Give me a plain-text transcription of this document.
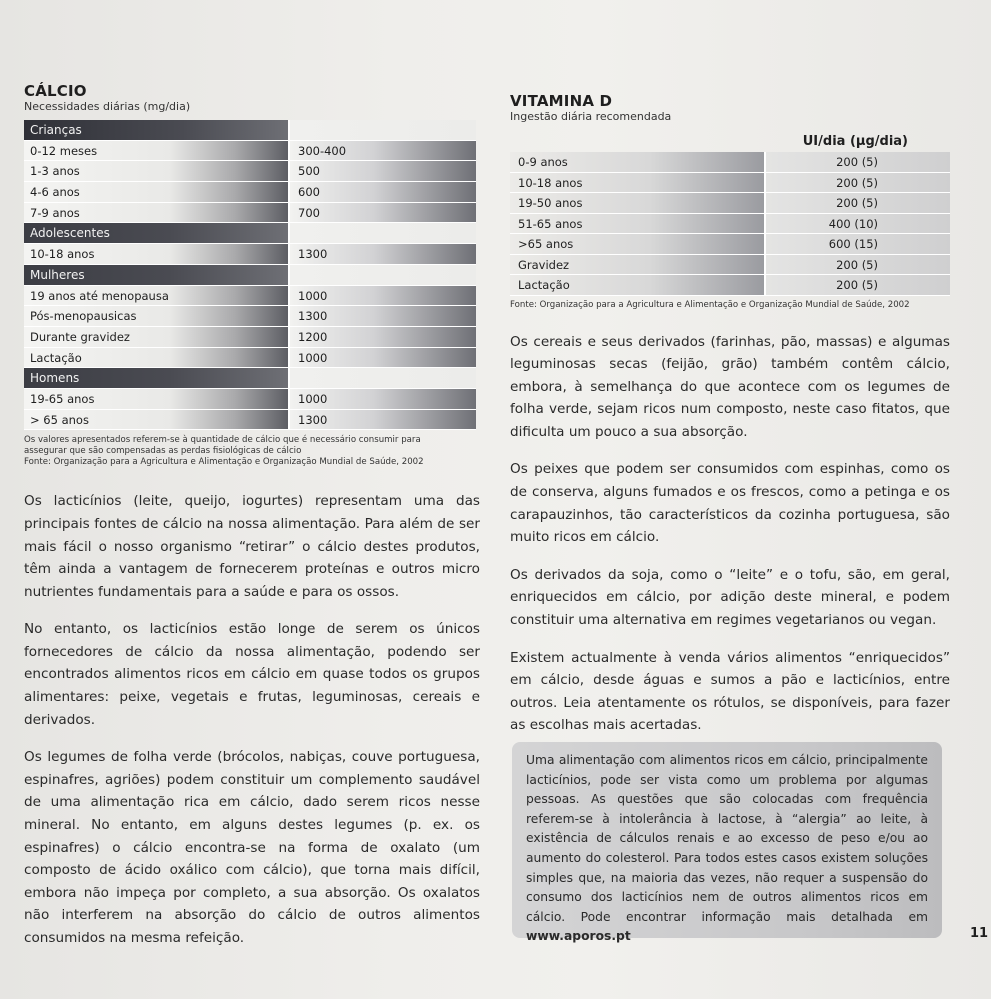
CÁLCIO
Necessidades diárias (mg/dia)
Crianças
0-12 meses	300-400
1-3 anos	500
4-6 anos	600
7-9 anos	700
Adolescentes
10-18 anos	1300
Mulheres
19 anos até menopausa	1000
Pós-menopausicas	1300
Durante gravidez	1200
Lactação	1000
Homens
19-65 anos	1000
> 65 anos	1300
Os valores apresentados referem-se à quantidade de cálcio que é necessário consumir para
assegurar que são compensadas as perdas fisiológicas de cálcio
Fonte: Organização para a Agricultura e Alimentação e Organização Mundial de Saúde, 2002

Os lacticínios (leite, queijo, iogurtes) representam uma das principais fontes de cálcio na nossa alimentação. Para além de ser mais fácil o nosso organismo “retirar” o cálcio destes produtos, têm ainda a vantagem de fornecerem proteínas e outros micro nutrientes fundamentais para a saúde e para os ossos.

No entanto, os lacticínios estão longe de serem os únicos fornecedores de cálcio da nossa alimentação, podendo ser encontrados alimentos ricos em cálcio em quase todos os grupos alimentares: peixe, vegetais e frutas, leguminosas, cereais e derivados.

Os legumes de folha verde (brócolos, nabiças, couve portuguesa, espinafres, agriões) podem constituir um complemento saudável de uma alimentação rica em cálcio, dado serem ricos nesse mineral. No entanto, em alguns destes legumes (p. ex. os espinafres) o cálcio encontra-se na forma de oxalato (um composto de ácido oxálico com cálcio), que torna mais difícil, embora não impeça por completo, a sua absorção. Os oxalatos não interferem na absorção do cálcio de outros alimentos consumidos na mesma refeição.

VITAMINA D
Ingestão diária recomendada
UI/dia (µg/dia)
0-9 anos	200 (5)
10-18 anos	200 (5)
19-50 anos	200 (5)
51-65 anos	400 (10)
>65 anos	600 (15)
Gravidez	200 (5)
Lactação	200 (5)
Fonte: Organização para a Agricultura e Alimentação e Organização Mundial de Saúde, 2002

Os cereais e seus derivados (farinhas, pão, massas) e algumas leguminosas secas (feijão, grão) também contêm cálcio, embora, à semelhança do que acontece com os legumes de folha verde, sejam ricos num composto, neste caso fitatos, que dificulta um pouco a sua absorção.

Os peixes que podem ser consumidos com espinhas, como os de conserva, alguns fumados e os frescos, como a petinga e os carapauzinhos, tão característicos da cozinha portuguesa, são muito ricos em cálcio.

Os derivados da soja, como o “leite” e o tofu, são, em geral, enriquecidos em cálcio, por adição deste mineral, e podem constituir uma alternativa em regimes vegetarianos ou vegan.

Existem actualmente à venda vários alimentos “enriquecidos” em cálcio, desde águas e sumos a pão e lacticínios, entre outros. Leia atentamente os rótulos, se disponíveis, para fazer as escolhas mais acertadas.

Uma alimentação com alimentos ricos em cálcio, principalmente lacticínios, pode ser vista como um problema por algumas pessoas. As questões que são colocadas com frequência referem-se à intolerância à lactose, à “alergia” ao leite, à existência de cálculos renais e ao excesso de peso e/ou ao aumento do colesterol. Para todos estes casos existem soluções simples que, na maioria das vezes, não requer a suspensão do consumo dos lacticínios nem de outros alimentos ricos em cálcio. Pode encontrar informação mais detalhada em www.aporos.pt	11
